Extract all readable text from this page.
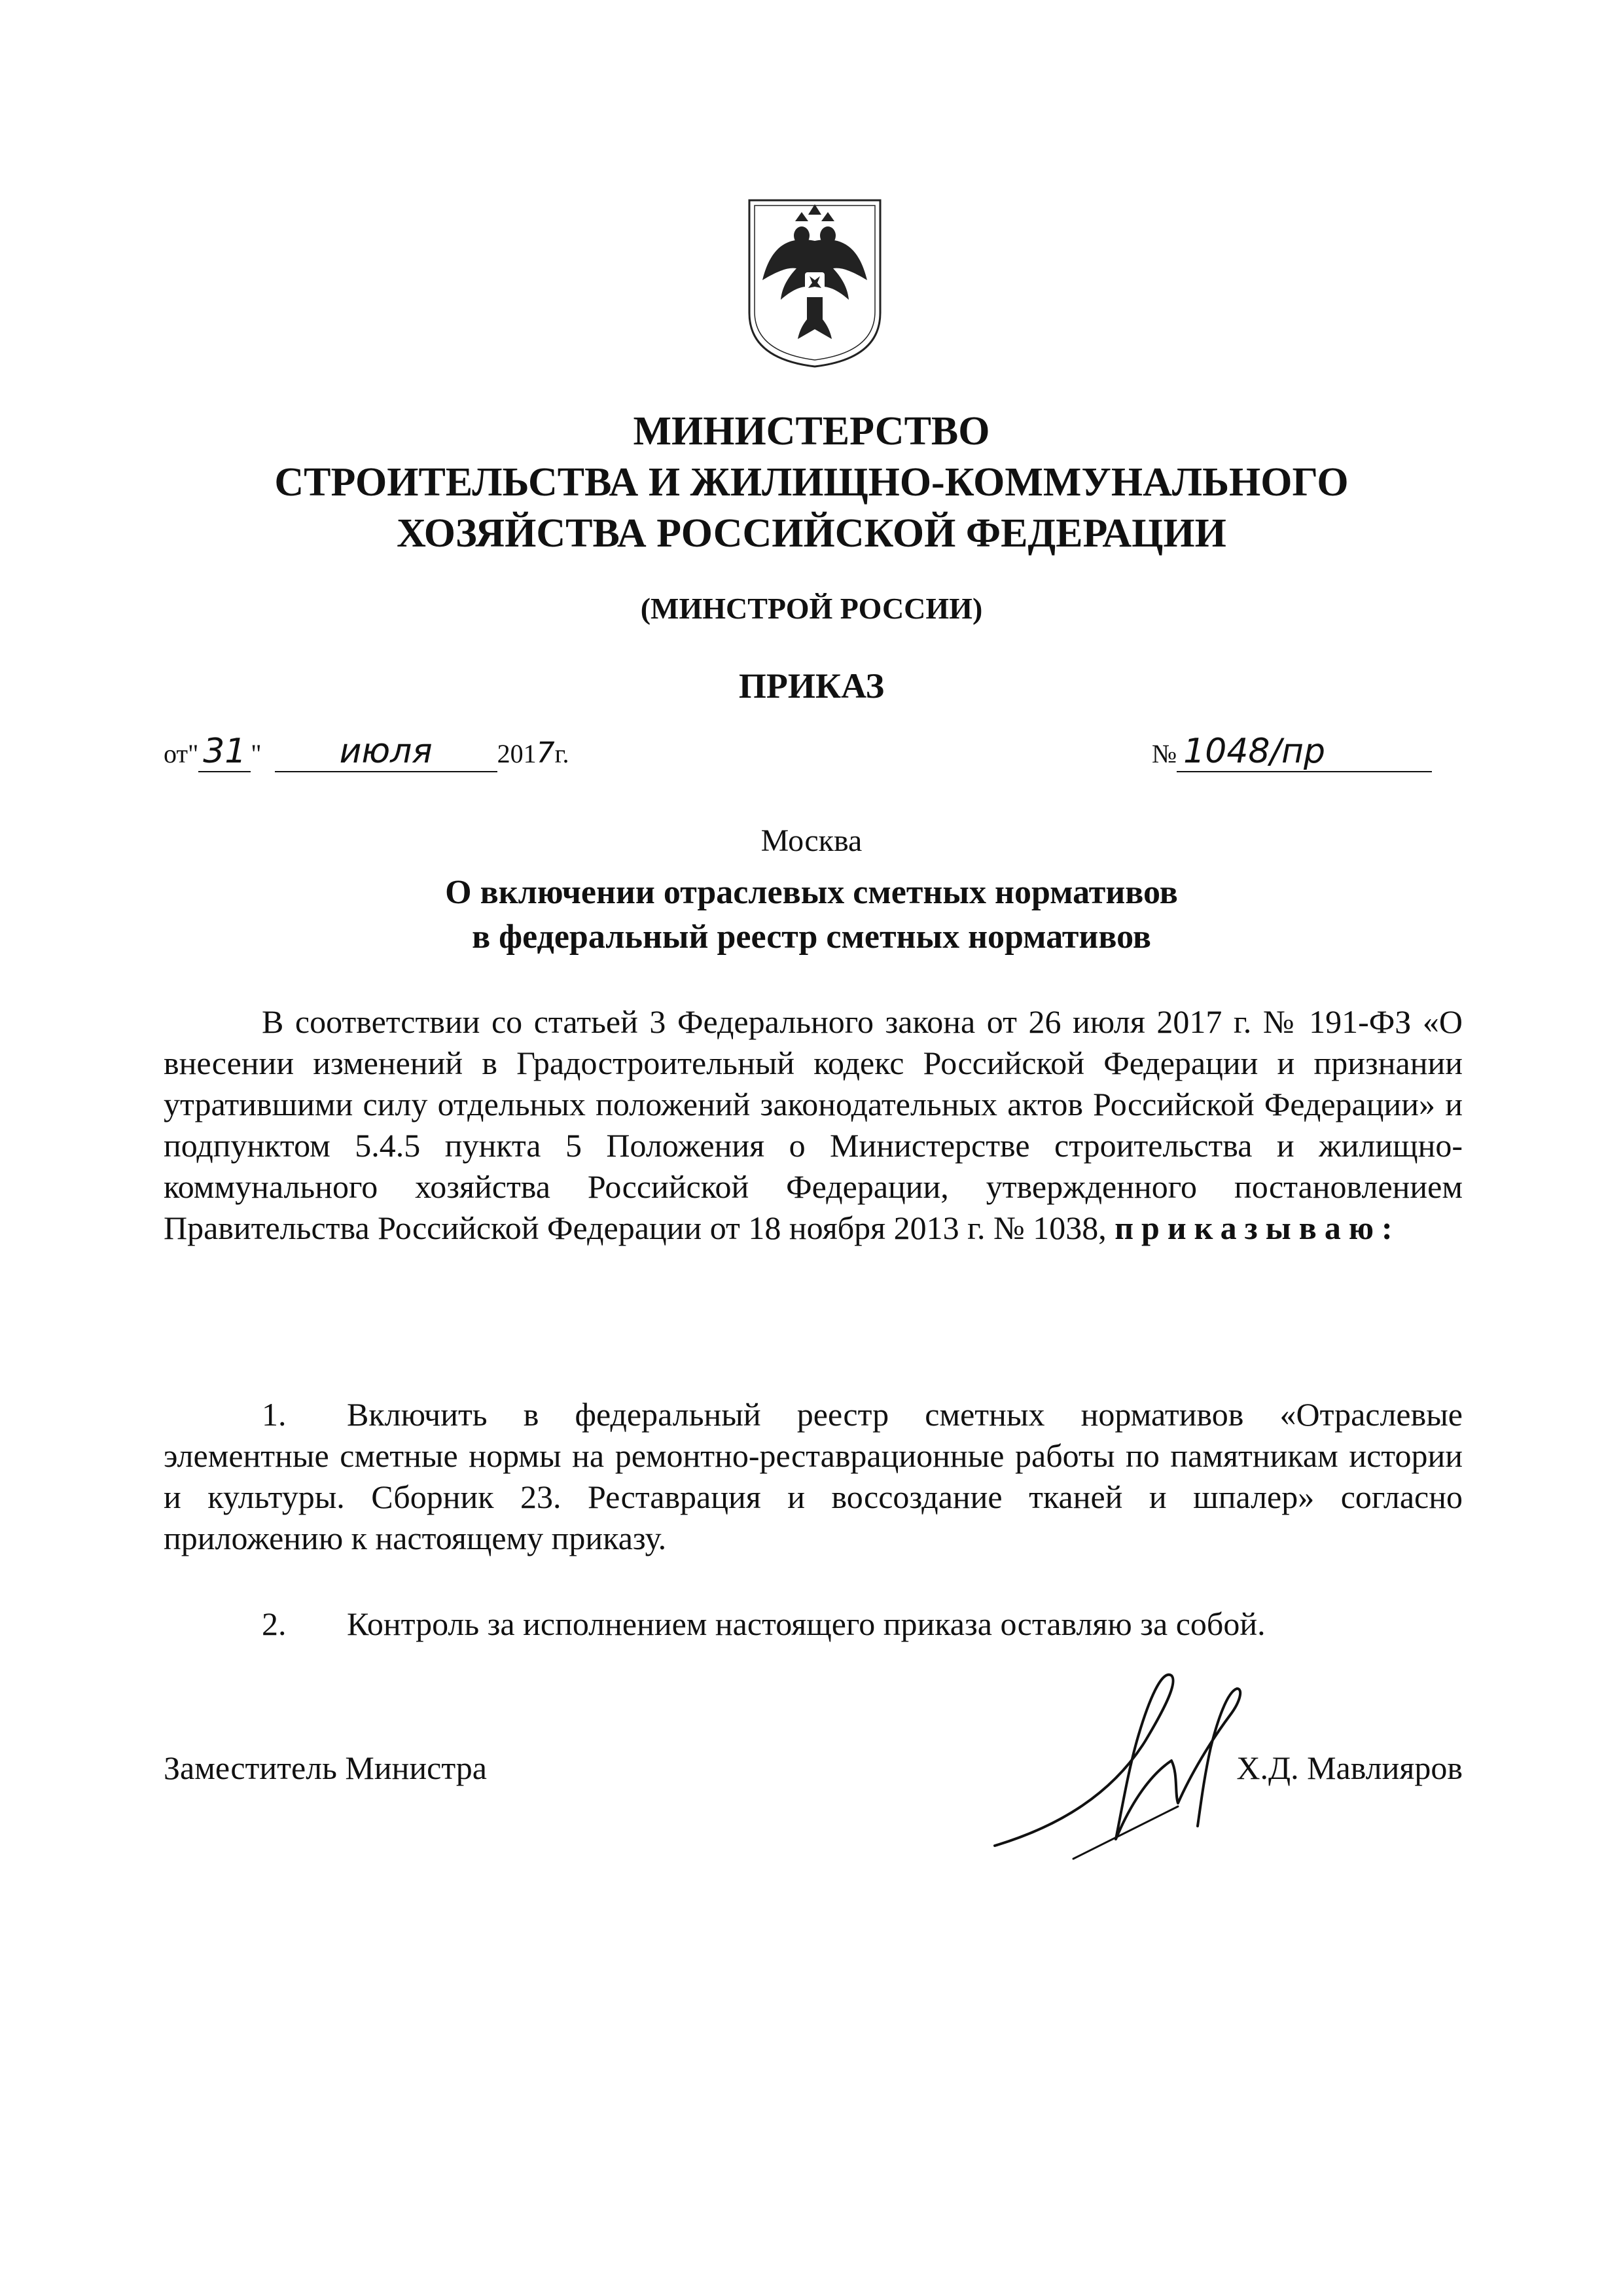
МИНИСТЕРСТВО
СТРОИТЕЛЬСТВА И ЖИЛИЩНО-КОММУНАЛЬНОГО
ХОЗЯЙСТВА РОССИЙСКОЙ ФЕДЕРАЦИИ
(МИНСТРОЙ РОССИИ)
ПРИКАЗ
от" 31 " июля 2017г.	№ 1048/пр
Москва
О включении отраслевых сметных нормативов
в федеральный реестр сметных нормативов
В соответствии со статьей 3 Федерального закона от 26 июля 2017 г. № 191-ФЗ «О внесении изменений в Градостроительный кодекс Российской Федерации и признании утратившими силу отдельных положений законодательных актов Российской Федерации» и подпунктом 5.4.5 пункта 5 Положения о Министерстве строительства и жилищно-коммунального хозяйства Российской Федерации, утвержденного постановлением Правительства Российской Федерации от 18 ноября 2013 г. № 1038, приказываю:
1. Включить в федеральный реестр сметных нормативов «Отраслевые элементные сметные нормы на ремонтно-реставрационные работы по памятникам истории и культуры. Сборник 23. Реставрация и воссоздание тканей и шпалер» согласно приложению к настоящему приказу.
2. Контроль за исполнением настоящего приказа оставляю за собой.
Заместитель Министра	Х.Д. Мавлияров
